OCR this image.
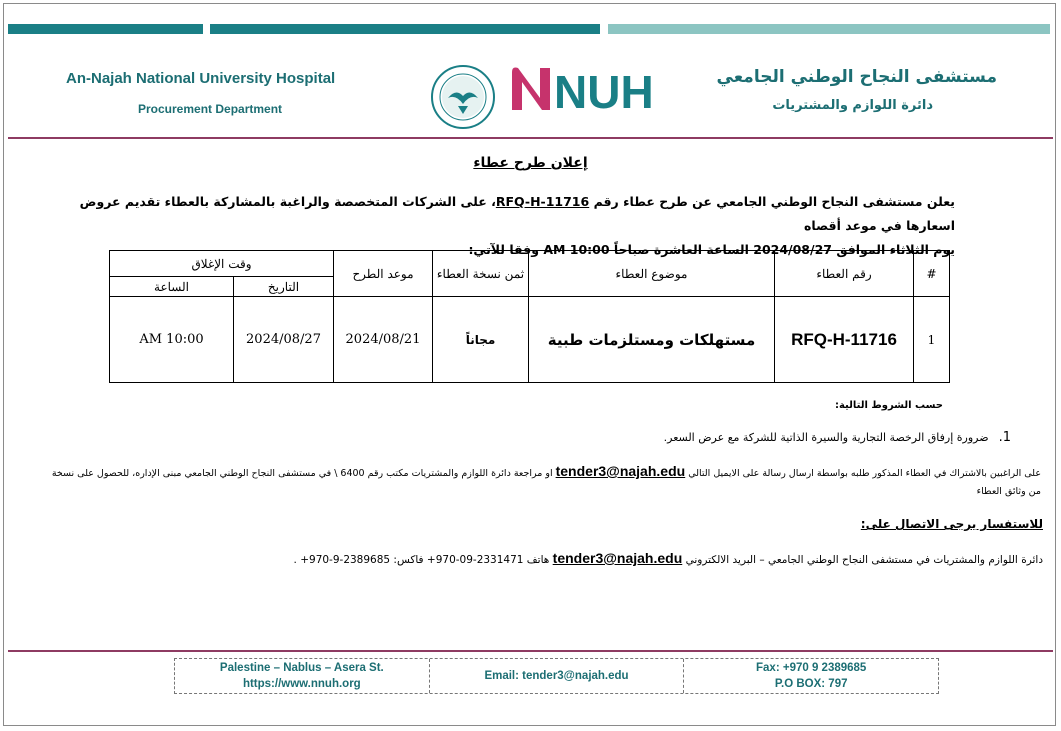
An-Najah National University Hospital
Procurement Department	NUH	مستشفى النجاح الوطني الجامعي
دائرة اللوازم والمشتريات
إعلان طرح عطاء
يعلن مستشفى النجاح الوطني الجامعي عن طرح عطاء رقم RFQ-H-11716، على الشركات المتخصصة والراغبة بالمشاركة بالعطاء تقديم عروض اسعارها في موعد أقصاه
يوم الثلاثاء الموافق 2024/08/27 الساعة العاشرة صباحاً AM 10:00 وفقا للآتي:
#	رقم العطاء	موضوع العطاء	ثمن نسخة العطاء	موعد الطرح	وقت الإغلاق	
					التاريخ	الساعة
1	RFQ-H-11716	مستهلكات ومستلزمات طبية	مجاناً	2024/08/21	2024/08/27	AM 10:00
حسب الشروط التالية:
1.ضرورة إرفاق الرخصة التجارية والسيرة الذاتية للشركة مع عرض السعر.
على الراغبين بالاشتراك في العطاء المذكور طلبه بواسطة ارسال رسالة على الايميل التالي tender3@najah.edu او مراجعة دائرة اللوازم والمشتريات مكتب رقم 6400 \ في مستشفى النجاح الوطني الجامعي مبنى الإداره، للحصول على نسخة من وثائق العطاء
للاستفسار يرجى الاتصال على:
دائرة اللوازم والمشتريات في مستشفى النجاح الوطني الجامعي – البريد الالكتروني tender3@najah.edu هاتف ‎+970-09-2331471‎ فاكس: ‎+970-9-2389685‎ .
Palestine – Nablus – Asera St.
https://www.nnuh.org
Email: tender3@najah.edu
Fax: +970 9 2389685
P.O BOX: 797
